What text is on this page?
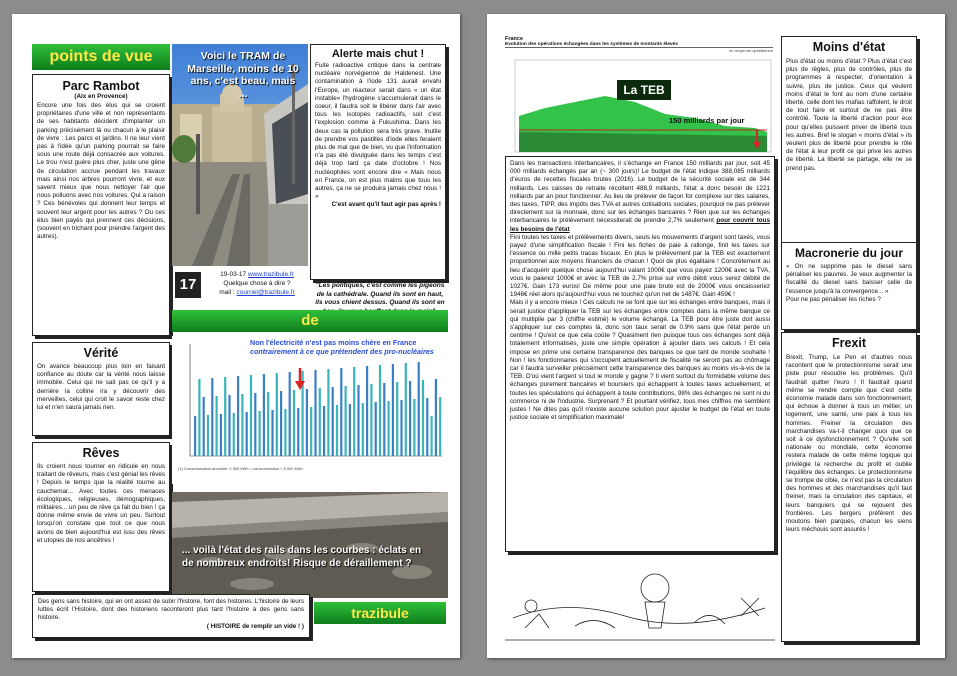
points de vue
Parc Rambot
(Aix en Provence)
Encore une fois des élus qui se croient propriétaires d'une ville et non représentants de ses habitants décident d'implanter un parking précisément là ou chacun à le plaisir de vivre : Les parcs et jardins. Il ne leur vient pas à l'idée qu'un parking pourrait se faire sous une route déjà consacrée aux voitures. Le trou n'est guère plus cher, juste une gêne de circulation accrue pendant les travaux mais ainsi nos arbres pourront vivre, et eux savent mieux que nous nettoyer l'air que nous polluons avec nos voitures. Qui a raison ? Ces bénévoles qui donnent leur temps et souvent leur argent pour les autres ? Ou ces élus bien payés qui prennent ces décisions, (souvent en trichant pour prendre l'argent des autres).
Voici le TRAM de Marseille, moins de 10 ans, c'est beau, mais ...
Alerte mais chut !
Fuite radioactive critique dans la centrale nucléaire norvégienne de Haldenest. Une contamination à l'iode 131 aurait envahi l'Europe, un réacteur serait dans « un état instable» l'hydrogène s'accumulerait dans le coeur, il faudra soit le libérer dans l'air avec tous les isotopes radioactifs, soit c'est l'explosion comme à Fukushima. Dans les deux cas la pollution sera très grave. Inutile de prendre vos pastilles d'iode elles feraient plus de mal que de bien, vu que l'information n'a pas été divulguée dans les temps c'est déjà trop tard ça date d'octobre ! Nos nucléophiles vont encore dire « Mais nous en France, on est plus malins que tous les autres, ça ne se produira jamais chez nous ! »
C'est avant qu'il faut agir pas après !
17
19-03-17 www.trazibule.fr
Quelque chose à dire ?
mail : courriel@trazibule.fr
"Les politiques, c'est comme les pigeons de la cathédrale. Quand ils sont en haut, ils vous chient dessus. Quand ils sont en
de
Vérité
On avance beaucoup plus loin en faisant confiance au doute car la vérité nous laisse immobile. Celui qui ne sait pas ce qu'il y a derrière la colline ira y découvrir des merveilles, celui qui croit le savoir reste chez lui et n'en saura jamais rien.
Rêves
Ils croient nous tourner en ridicule en nous traitant de rêveurs, mais c'est génial les rêves ! Depuis le temps que la réalité tourne au cauchemar... Avec toutes ces menaces écologiques, religieuses, démographiques, militaires... un peu de rêve ça fait du bien ! ça donne même envie de vivre un peu. Surtout lorsqu'on constate que tout ce que nous avons de bien aujourd'hui est issu des rêves et utopies de nos ancêtres !
Non l'électricité n'est pas moins chère en France
contrairement à ce que prétendent des pro-nucléaires
(1) Consommation annuelle: 2 500 kWh < consommation < 5 000 kWh
... voilà l'état des rails dans les courbes : éclats en de nombreux endroits! Risque de déraillement ?
Des gens sans histoire, qui en ont assez de subir l'histoire, font des histoires. L'histoire de leurs luttes écrit l'Histoire, dont des historiens raconteront plus tard l'histoire à des gens sans histoire.
( HISTOIRE de remplir un vide ! )
trazibule
France
Evolution des opérations échangées dans les systèmes de montants élevés
en moyenne quotidienne
La TEB
150 milliards par jour
Dans les transactions interbancaires, il s'échange en France 150 milliards par jour, soit 45 000 milliards échangés par an (~ 300 jours)! Le budget de l'état indique 388,085 milliards d'euros de recettes fiscales brutes (2016). Le budget de la sécurité sociale est de 344 milliards. Les caisses de retraite récoltent 488,9 milliards, l'état a donc besoin de 1221 milliards par an pour fonctionner. Au lieu de prélever de façon for complexe sur des salaires, des taxes, TIPP, des impôts des TVA et autres cotisations sociales, pourquoi ne pas prélever directement sur la monnaie, donc sur les échanges bancaires ? Rien que sur les échanges interbancaires le prélèvement nécessiterait de prendre 2,7% seulement pour couvrir tous les besoins de l'état
Fini toutes les taxes et prélèvements divers, seuls les mouvements d'argent sont taxés, vous payez d'une simplification fiscale ! Fini les fiches de paie à rallonge, finit les taxes sur l'essence ou mille petits tracas fiscaux. En plus le prélèvement par la TEB est exactement proportionnel aux moyens financiers de chacun ! Quoi de plus égalitaire ! Concrètement au lieu d'acquérir quelque chose aujourd'hui valant 1000€ que vous payez 1200€ avec la TVA, vous le paierez 1000€ et avec la TEB de 2.7% prise sur votre débit vous serez débité de 1027€. Gain 173 euros! De même pour une paie brute est de 2000€ vous encaisseriez 1946€ réel alors qu'aujourd'hui vous ne touchez qu'un net de 1487€. Gain 459€ !
Mais il y a encore mieux ! Ces calculs ne se font que sur les échanges entre banques, mais il serait justice d'appliquer la TEB sur les échanges entre comptes dans la même banque ce qui multiplie par 3 (chiffre estimé) le volume échangé. La TEB pour être juste doit aussi s'appliquer sur ces comptes là, donc son taux serait de 0.9% sans que l'état perde un centime ! Qu'est ce que cela coûte ? Quasiment rien puisque tous ces échanges sont déjà totalement informatisés, juste une simple opération à ajouter dans ses calculs ! Et cela impose en prime une certaine transparence des banques ce que tant de monde souhaite ! Non ! les fonctionnaires qui s'occupent actuellement de fiscalité ne seront pas au chômage car il faudra surveiller précisément cette transparence des banques au moins vis-à-vis de la TEB. D'où vient l'argent si tout le monde y gagne ? Il vient surtout du formidable volume des échanges purement bancaires et boursiers qui échappent à toutes taxes actuellement, et toutes les spéculations qui échappent à toute contributions, 98% des échanges ne sont ni du commerce ni de l'industrie. Surprenant ? Et pourtant vérifiez, tous mes chiffres me semblent justes ! Ne dites pas qu'il n'existe aucune solution pour ajuster le budget de l'état en toute justice sociale et simplification maximale!
Moins d'état
Plus d'état ou moins d'état ? Plus d'état c'est plus de règles, plus de contrôles, plus de programmes à respecter, d'orientation à suivre, plus de justice. Ceux qui veulent moins d'état le font au nom d'une certaine liberté, celle dont les mafias raffolent, le droit de tout faire et surtout de ne pas être contrôlé. Toute la liberté d'action pour eux pour qu'elles puissent priver de liberté tous les autres. Bref le slogan « moins d'état » ils veulent plus de liberté pour prendre le rôle de l'état à leur profit ce qui prive les autres de liberté. La liberté se partage, elle ne se prend pas.
Macronerie du jour
« On ne supprime pas le diesel sans pénaliser les pauvres. Je veux augmenter la fiscalité du diesel sans baisser celle de l'essence jusqu'à la convergence... »
Pour ne pas pénaliser les riches ?
Frexit
Brexit, Trump, Le Pen et d'autres nous racontent que le protectionnisme serait une piste pour résoudre les problèmes. Qu'il faudrait quitter l'euro ! Il faudrait quand même se rendre compte que c'est cette économie malade dans son fonctionnement, qui échoue à donner à tous un métier, un logement, une santé, une paix à tous les hommes. Freiner la circulation des marchandises va-t-il changer quoi que ce soit à ce dysfonctionnement ? Qu'elle soit nationale ou mondiale, cette économie restera malade de cette même logique qui privilégie la recherche du profit et oublie l'équilibre des échanges. Le protectionnisme se trompe de cible, ce n'est pas la circulation des hommes et des marchandises qu'il faut freiner, mais la circulation des capitaux, et leurs banquiers qui se rejouent des frontières. Les bergers préfèrent des moutons bien parqués, chacun les siens leurs méchouis sont assurés !
